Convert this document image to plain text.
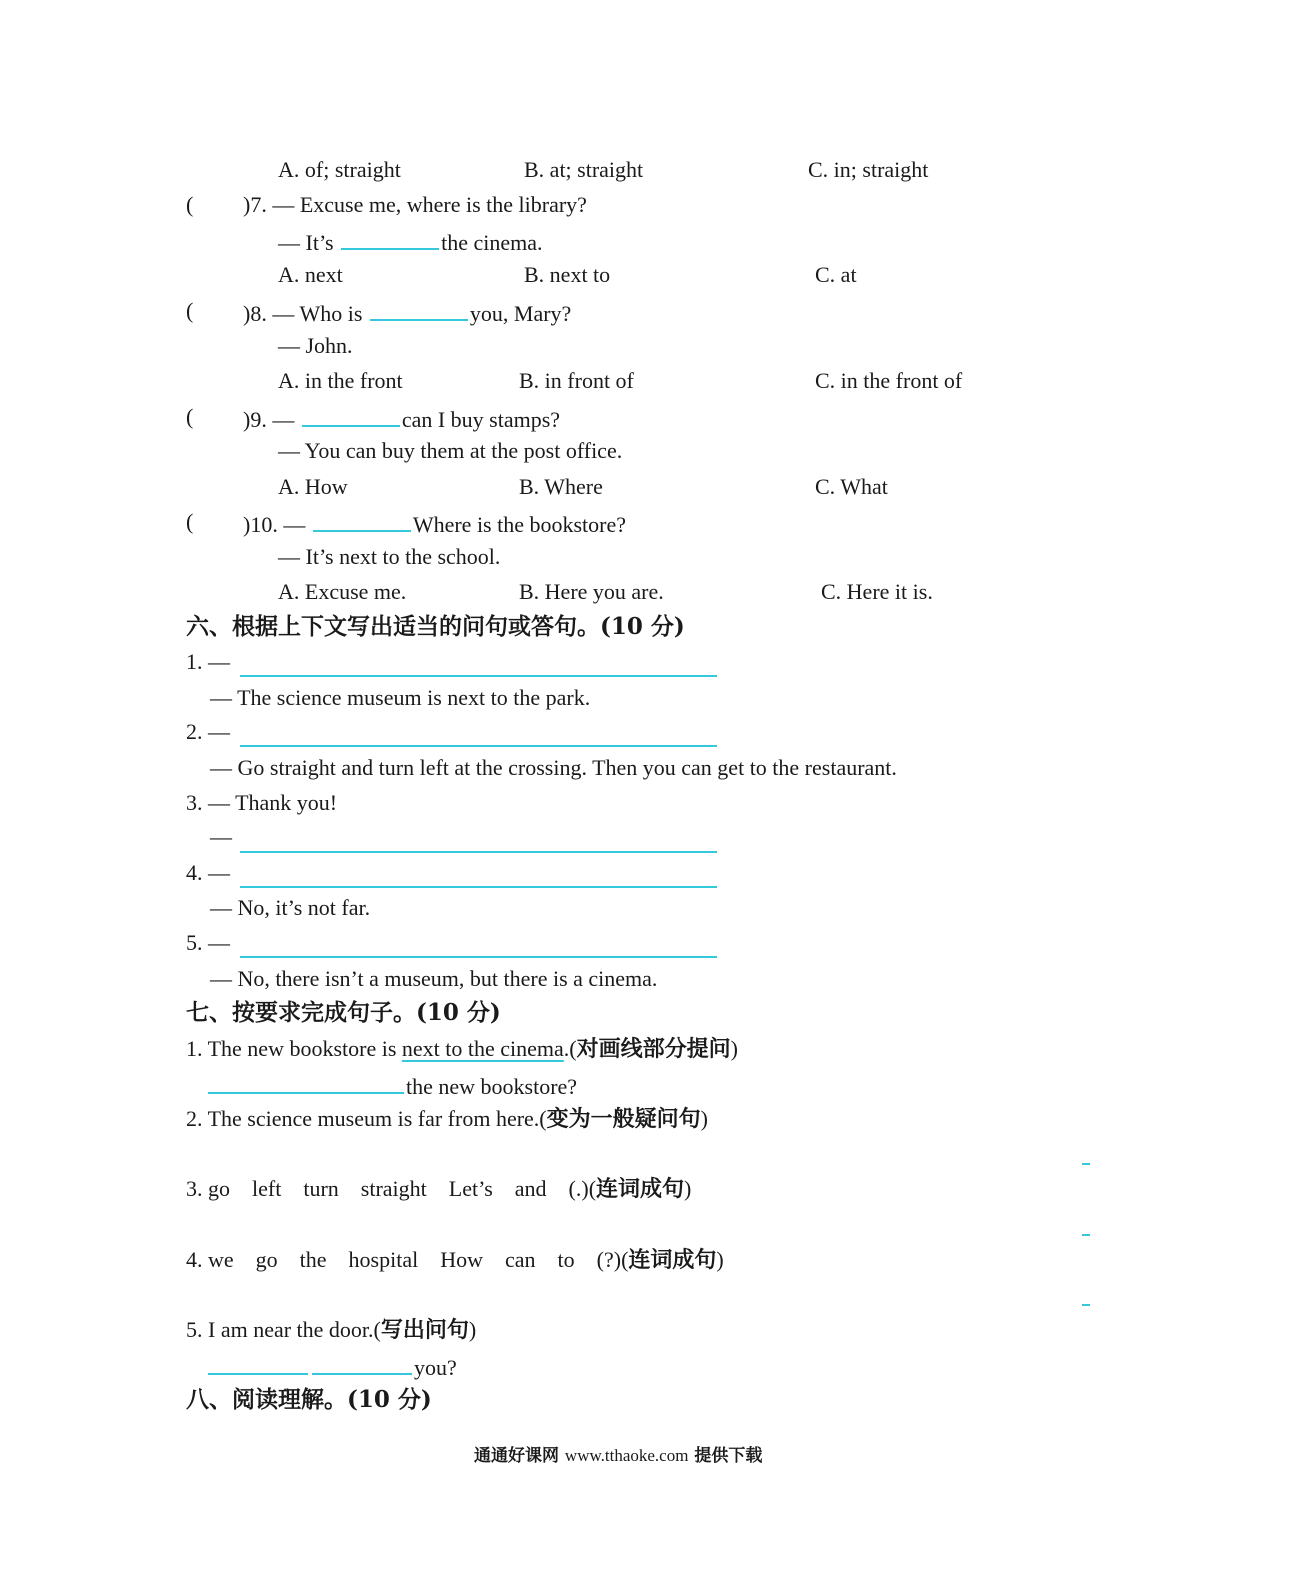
A. of; straight	B. at; straight	C. in; straight
( )7. — Excuse me, where is the library?
— It’s	the cinema.
A. next	B. next to	C. at
( )8. — Who is	you, Mary?
— John.
A. in the front	B. in front of	C. in the front of
( )9. —	can I buy stamps?
— You can buy them at the post office.
A. How	B. Where	C. What
( )10. —	Where is the bookstore?
— It’s next to the school.
A. Excuse me.	B. Here you are.	C. Here it is.
六、根据上下文写出适当的问句或答句。(10 分)
1. —
— The science museum is next to the park.
2. —
— Go straight and turn left at the crossing. Then you can get to the restaurant.
3. — Thank you!
—
4. —
— No, it’s not far.
5. —
— No, there isn’t a museum, but there is a cinema.
七、按要求完成句子。(10 分)
1. The new bookstore is next to the cinema.(对画线部分提问)
the new bookstore?
2. The science museum is far from here.(变为一般疑问句)
3. go left turn straight Let’s and (.)(连词成句)
4. we go the hospital How can to (?)(连词成句)
5. I am near the door.(写出问句)
you?
八、阅读理解。(10 分)
通通好课网 www.tthaoke.com 提供下载
